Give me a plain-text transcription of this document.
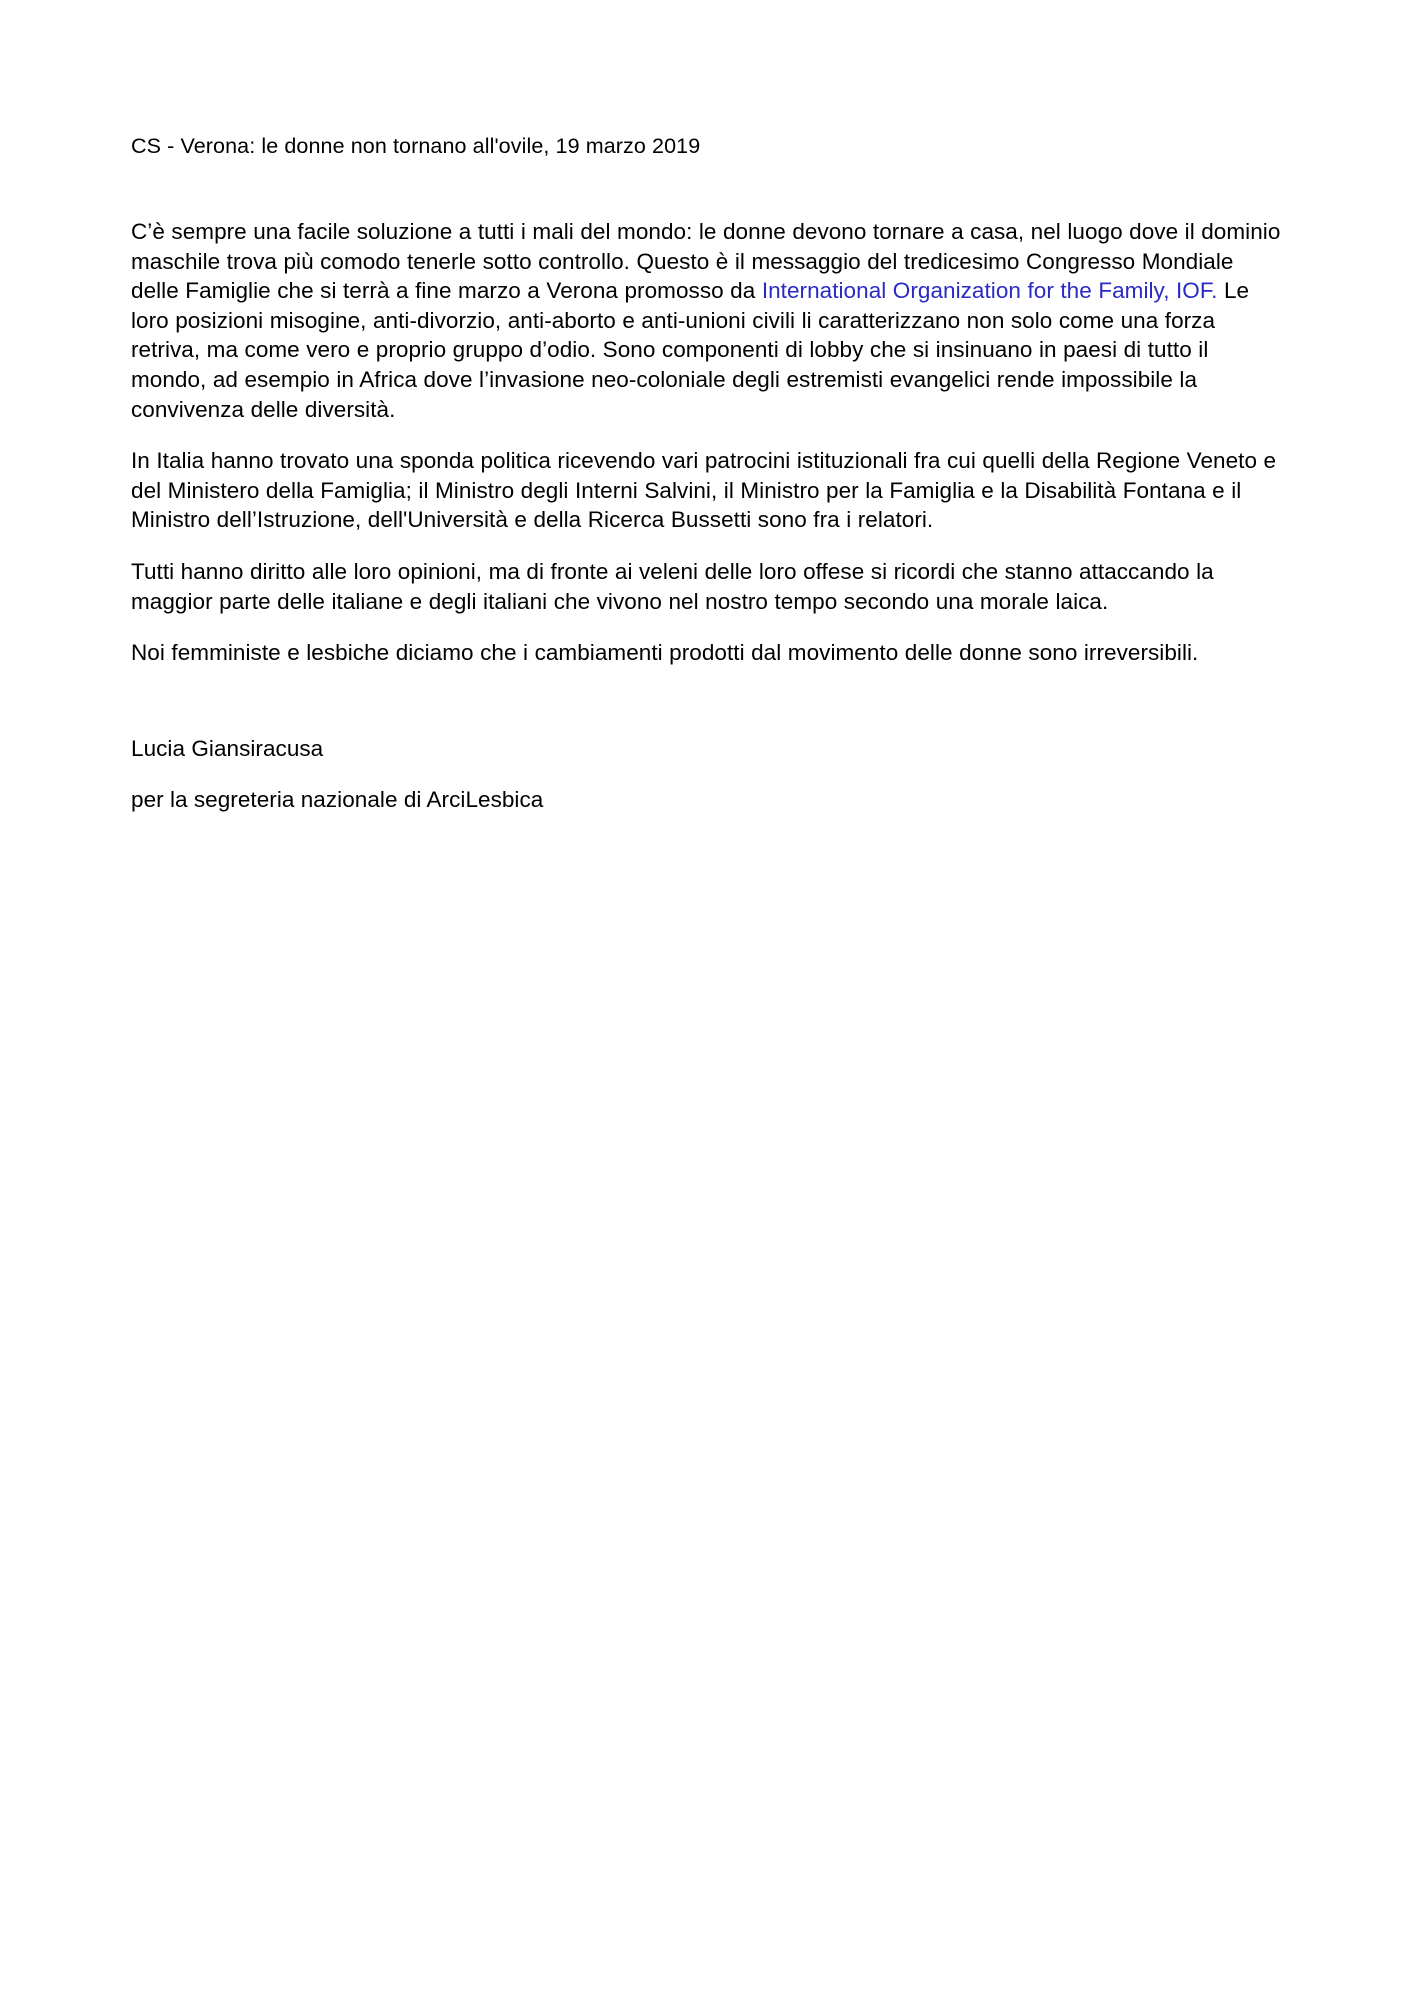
CS - Verona: le donne non tornano all'ovile, 19 marzo 2019

C’è sempre una facile soluzione a tutti i mali del mondo: le donne devono tornare a casa, nel luogo dove il dominio maschile trova più comodo tenerle sotto controllo. Questo è il messaggio del tredicesimo Congresso Mondiale delle Famiglie che si terrà a fine marzo a Verona promosso da International Organization for the Family, IOF. Le loro posizioni misogine, anti-divorzio, anti-aborto e anti-unioni civili li caratterizzano non solo come una forza retriva, ma come vero e proprio gruppo d’odio. Sono componenti di lobby che si insinuano in paesi di tutto il mondo, ad esempio in Africa dove l’invasione neo-coloniale degli estremisti evangelici rende impossibile la convivenza delle diversità.

In Italia hanno trovato una sponda politica ricevendo vari patrocini istituzionali fra cui quelli della Regione Veneto e del Ministero della Famiglia; il Ministro degli Interni Salvini, il Ministro per la Famiglia e la Disabilità Fontana e il Ministro dell’Istruzione, dell'Università e della Ricerca Bussetti sono fra i relatori.

Tutti hanno diritto alle loro opinioni, ma di fronte ai veleni delle loro offese si ricordi che stanno attaccando la maggior parte delle italiane e degli italiani che vivono nel nostro tempo secondo una morale laica.

Noi femministe e lesbiche diciamo che i cambiamenti prodotti dal movimento delle donne sono irreversibili.

Lucia Giansiracusa
per la segreteria nazionale di ArciLesbica
